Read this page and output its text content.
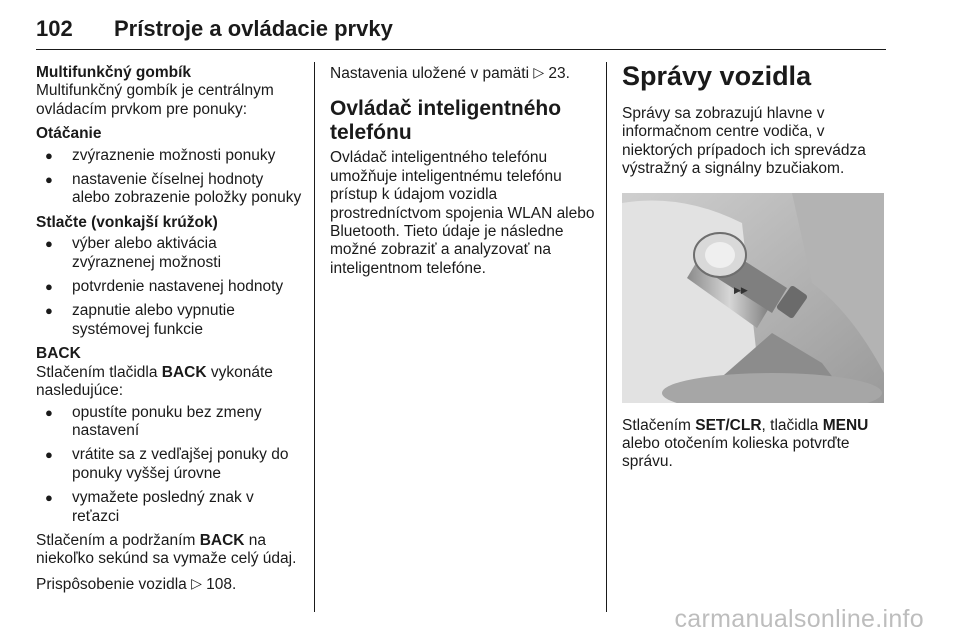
102 Prístroje a ovládacie prvky
Multifunkčný gombík
Multifunkčný gombík je centrálnym ovládacím prvkom pre ponuky:
Otáčanie
● zvýraznenie možnosti ponuky
● nastavenie číselnej hodnoty alebo zobrazenie položky ponuky
Stlačte (vonkajší krúžok)
● výber alebo aktivácia zvýraznenej možnosti
● potvrdenie nastavenej hodnoty
● zapnutie alebo vypnutie systémovej funkcie
BACK
Stlačením tlačidla BACK vykonáte nasledujúce:
● opustíte ponuku bez zmeny nastavení
● vrátite sa z vedľajšej ponuky do ponuky vyššej úrovne
● vymažete posledný znak v reťazci
Stlačením a podržaním BACK na niekoľko sekúnd sa vymaže celý údaj.
Prispôsobenie vozidla ▷ 108.
Nastavenia uložené v pamäti ▷ 23.
Ovládač inteligentného telefónu
Ovládač inteligentného telefónu umožňuje inteligentnému telefónu prístup k údajom vozidla prostredníctvom spojenia WLAN alebo Bluetooth. Tieto údaje je následne možné zobraziť a analyzovať na inteligentnom telefóne.
Správy vozidla
Správy sa zobrazujú hlavne v informačnom centre vodiča, v niektorých prípadoch ich sprevádza výstražný a signálny bzučiakom.
▶▶
Stlačením SET/CLR, tlačidla MENU alebo otočením kolieska potvrďte správu.
carmanualsonline.info
